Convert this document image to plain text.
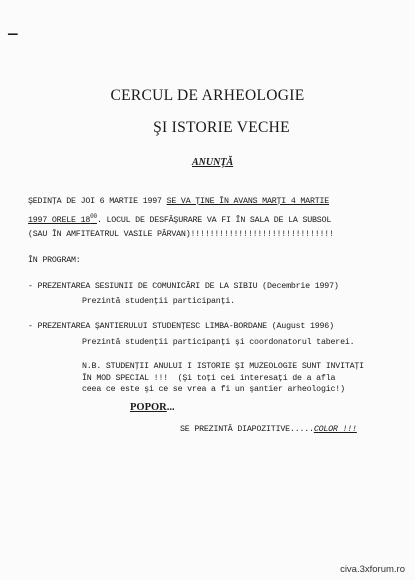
—
CERCUL DE ARHEOLOGIE
ŞI ISTORIE VECHE
ANUNŢĂ
ŞEDINŢA DE JOI 6 MARTIE 1997 SE VA ŢINE ÎN AVANS MARŢI 4 MARTIE
1997 ORELE $18^{00}$. LOCUL DE DESFĂŞURARE VA FI ÎN SALA DE LA SUBSOL
(SAU ÎN AMFITEATRUL VASILE PÂRVAN)!!!!!!!!!!!!!!!!!!!!!!!!!!!!!!
ÎN PROGRAM:
- PREZENTAREA SESIUNII DE COMUNICĂRI DE LA SIBIU (Decembrie 1997)
Prezintă studenţii participanţi.
- PREZENTAREA ŞANTIERULUI STUDENŢESC LIMBA-BORDANE (August 1996)
Prezintă studenţii participanţi şi coordonatorul taberei.
N.B. STUDENŢII ANULUI I ISTORIE ŞI MUZEOLOGIE SUNT INVITAŢI
ÎN MOD SPECIAL !!!  (Şi toţi cei interesaţi de a afla
ceea ce este şi ce se vrea a fi un şantier arheologic!)
POPOR...
SE PREZINTĂ DIAPOZITIVE.....COLOR !!!
civa.3xforum.ro
